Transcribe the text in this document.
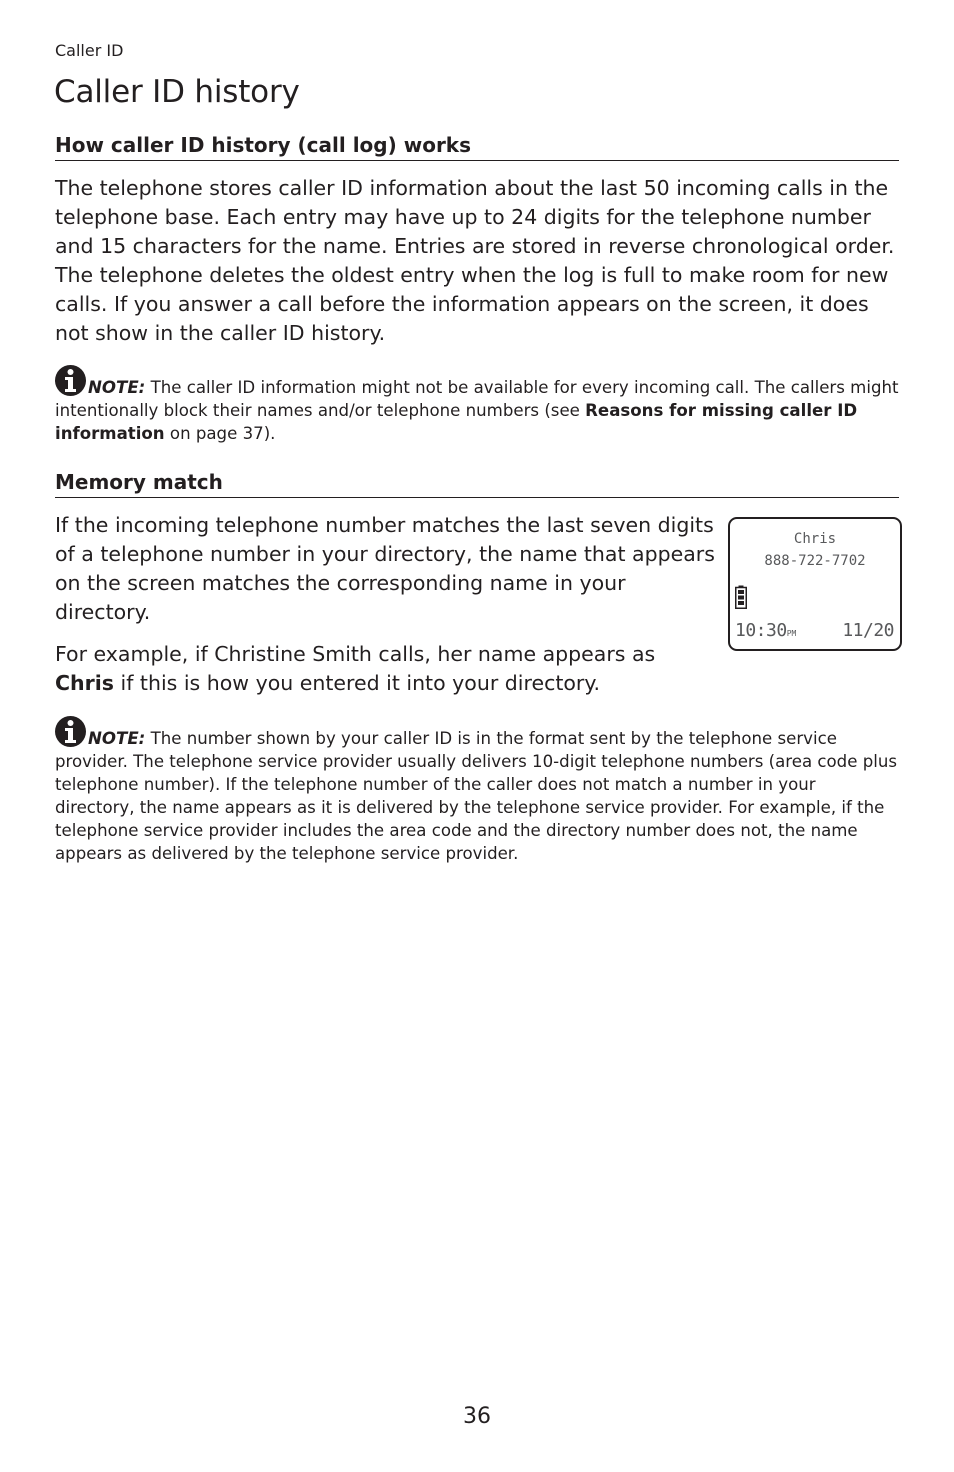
Caller ID
Caller ID history
How caller ID history (call log) works

The telephone stores caller ID information about the last 50 incoming calls in the telephone base. Each entry may have up to 24 digits for the telephone number and 15 characters for the name. Entries are stored in reverse chronological order. The telephone deletes the oldest entry when the log is full to make room for new calls. If you answer a call before the information appears on the screen, it does not show in the caller ID history.

NOTE: The caller ID information might not be available for every incoming call. The callers might intentionally block their names and/or telephone numbers (see Reasons for missing caller ID information on page 37).

Memory match

If the incoming telephone number matches the last seven digits of a telephone number in your directory, the name that appears on the screen matches the corresponding name in your directory.

For example, if Christine Smith calls, her name appears as Chris if this is how you entered it into your directory.

Chris
888-722-7702
10:30PM	11/20

NOTE: The number shown by your caller ID is in the format sent by the telephone service provider. The telephone service provider usually delivers 10-digit telephone numbers (area code plus telephone number). If the telephone number of the caller does not match a number in your directory, the name appears as it is delivered by the telephone service provider. For example, if the telephone service provider includes the area code and the directory number does not, the name appears as delivered by the telephone service provider.

36
